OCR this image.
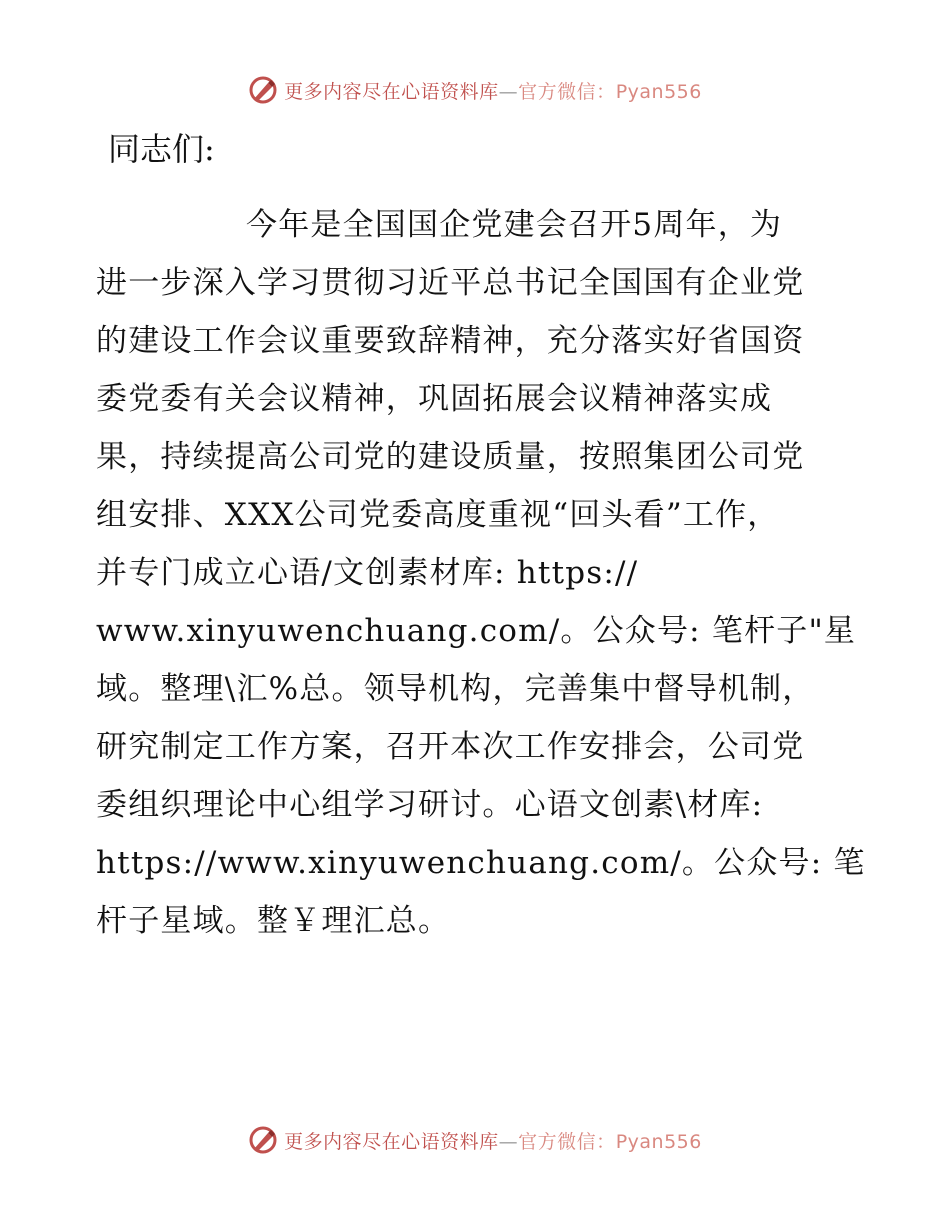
更多内容尽在心语资料库—官方微信：Pyan556
同志们:
今年是全国国企党建会召开5周年，为
进一步深入学习贯彻习近平总书记全国国有企业党
的建设工作会议重要致辞精神，充分落实好省国资
委党委有关会议精神，巩固拓展会议精神落实成
果，持续提高公司党的建设质量，按照集团公司党
组安排、XXX公司党委高度重视“回头看”工作，
并专门成立心语/文创素材库: https://
www.xinyuwenchuang.com/。公众号: 笔杆子"星
域。整理\汇%总。领导机构，完善集中督导机制，
研究制定工作方案，召开本次工作安排会，公司党
委组织理论中心组学习研讨。心语文创素\材库:
https://www.xinyuwenchuang.com/。公众号: 笔
杆子星域。整￥理汇总。
更多内容尽在心语资料库—官方微信：Pyan556
